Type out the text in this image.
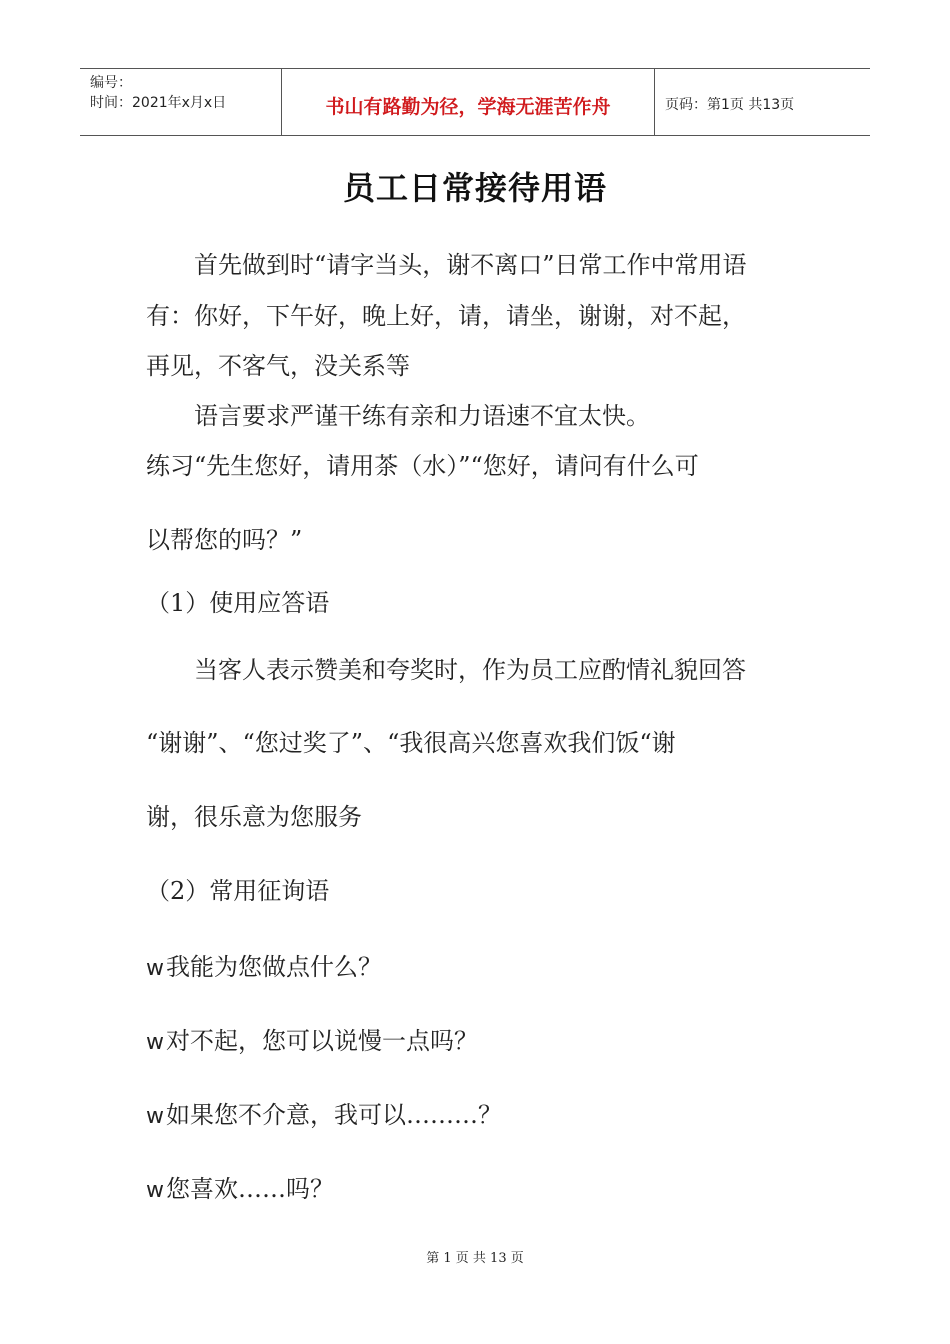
编号：
时间：2021年x月x日	书山有路勤为径，学海无涯苦作舟	页码：第1页 共13页
员工日常接待用语
首先做到时“请字当头，谢不离口”日常工作中常用语
有：你好，下午好，晚上好，请，请坐，谢谢，对不起，
再见，不客气，没关系等
语言要求严谨干练有亲和力语速不宜太快。
练习“先生您好，请用茶（水）”“您好，请问有什么可
以帮您的吗？”
（1）使用应答语
当客人表示赞美和夸奖时，作为员工应酌情礼貌回答
“谢谢”、“您过奖了”、“我很高兴您喜欢我们饭“谢
谢，很乐意为您服务
（2）常用征询语
w我能为您做点什么？
w对不起，您可以说慢一点吗？
w如果您不介意，我可以………？
w您喜欢……吗？
第 1 页 共 13 页
